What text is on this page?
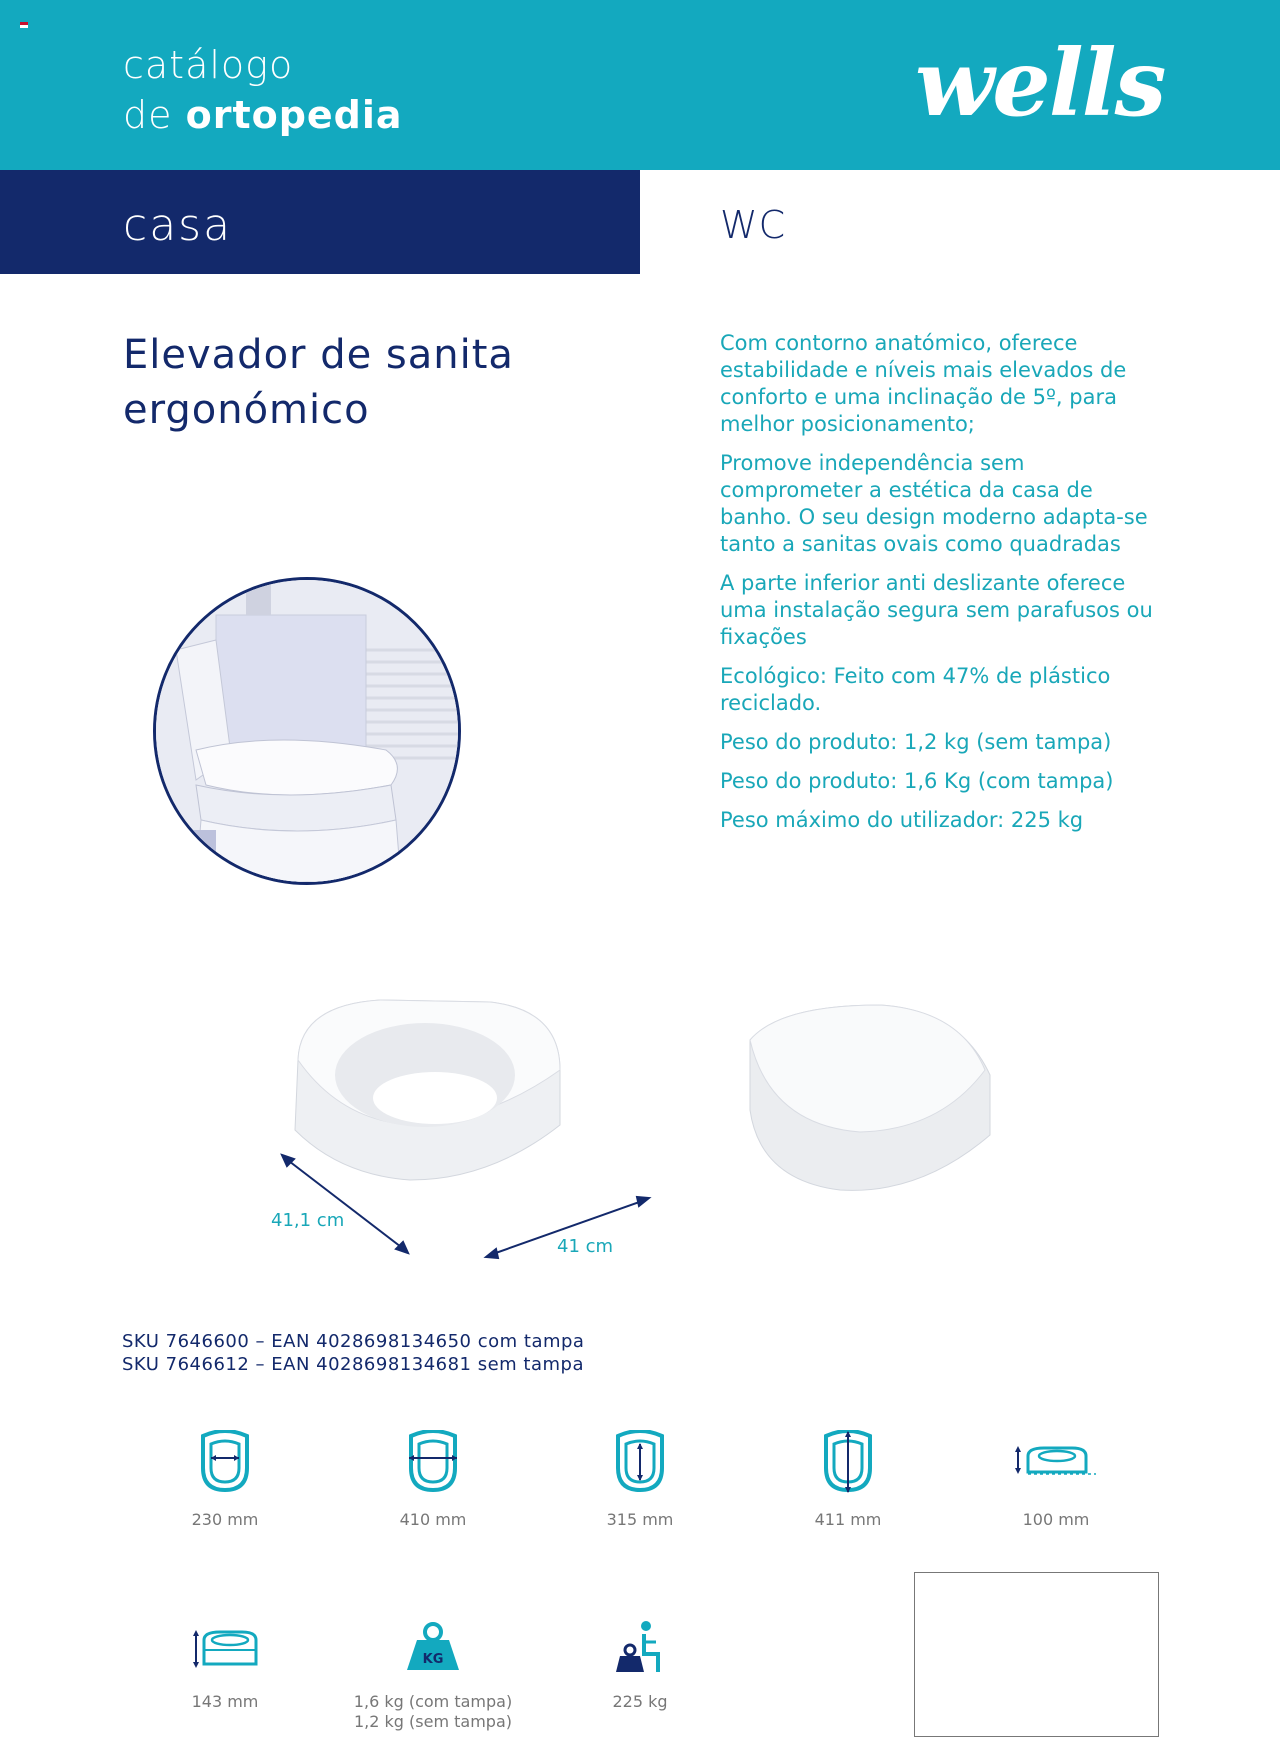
catálogo
de ortopedia	wells
casa	WC
Elevador de sanita
ergonómico

Com contorno anatómico, oferece estabilidade e níveis mais elevados de conforto e uma inclinação de 5º, para melhor posicionamento;

Promove independência sem comprometer a estética da casa de banho. O seu design moderno adapta-se tanto a sanitas ovais como quadradas

A parte inferior anti deslizante oferece uma instalação segura sem parafusos ou fixações

Ecológico: Feito com 47% de plástico reciclado.

Peso do produto: 1,2 kg (sem tampa)

Peso do produto: 1,6 Kg (com tampa)

Peso máximo do utilizador: 225 kg

41,1 cm
41 cm
SKU 7646600 – EAN 4028698134650 com tampa
SKU 7646612 – EAN 4028698134681 sem tampa
230 mm	410 mm	315 mm	411 mm	100 mm
143 mm
KG
1,6 kg (com tampa)
1,2 kg (sem tampa)
225 kg
